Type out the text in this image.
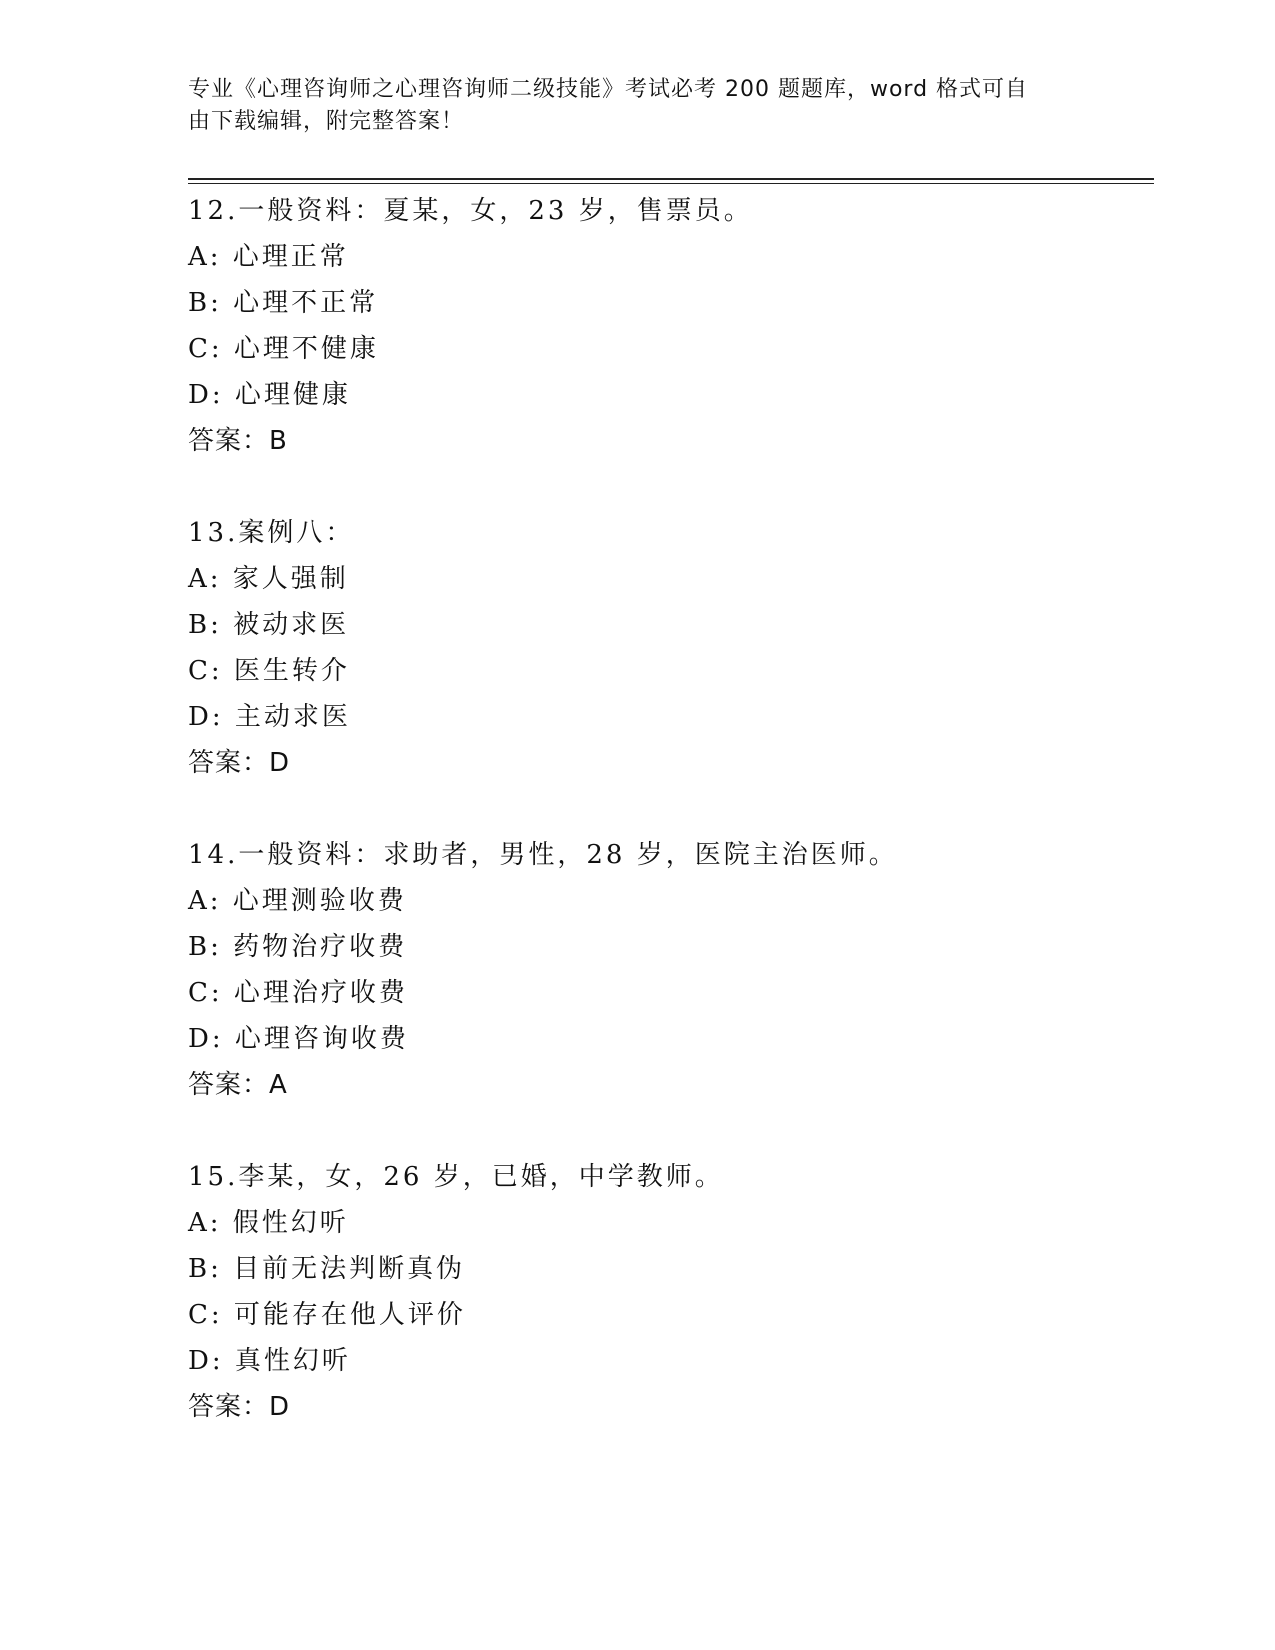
专业《心理咨询师之心理咨询师二级技能》考试必考 200 题题库，word 格式可自
由下载编辑，附完整答案！
12.一般资料：夏某，女，23 岁，售票员。
A: 心理正常
B: 心理不正常
C: 心理不健康
D: 心理健康
答案：B
13.案例八：
A: 家人强制
B: 被动求医
C: 医生转介
D: 主动求医
答案：D
14.一般资料：求助者，男性，28 岁，医院主治医师。
A: 心理测验收费
B: 药物治疗收费
C: 心理治疗收费
D: 心理咨询收费
答案：A
15.李某，女，26 岁，已婚，中学教师。
A: 假性幻听
B: 目前无法判断真伪
C: 可能存在他人评价
D: 真性幻听
答案：D
